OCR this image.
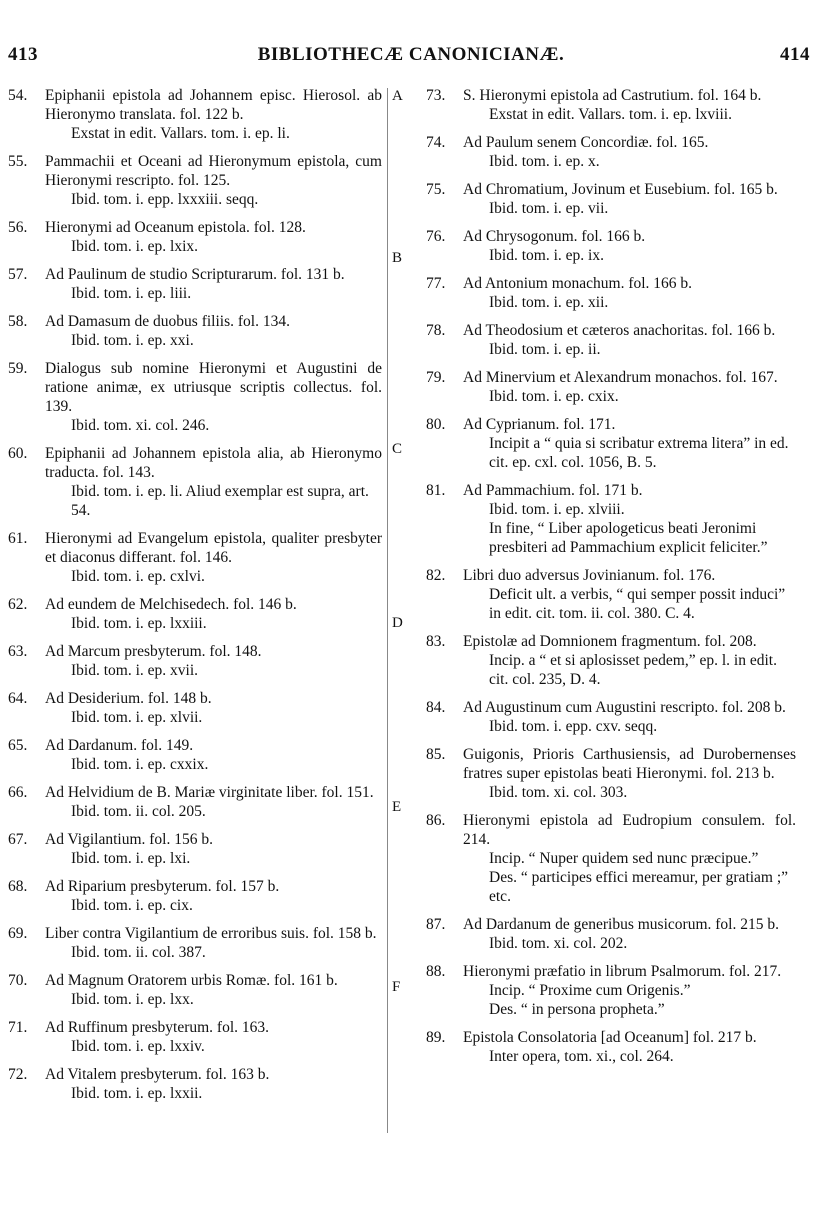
413	BIBLIOTHECÆ CANONICIANÆ.	414
A
B
C
D
E
F
54. Epiphanii epistola ad Johannem episc. Hierosol. ab Hieronymo translata. fol. 122 b.
Exstat in edit. Vallars. tom. i. ep. li.
55. Pammachii et Oceani ad Hieronymum epistola, cum Hieronymi rescripto. fol. 125.
Ibid. tom. i. epp. lxxxiii. seqq.
56. Hieronymi ad Oceanum epistola. fol. 128.
Ibid. tom. i. ep. lxix.
57. Ad Paulinum de studio Scripturarum. fol. 131 b.
Ibid. tom. i. ep. liii.
58. Ad Damasum de duobus filiis. fol. 134.
Ibid. tom. i. ep. xxi.
59. Dialogus sub nomine Hieronymi et Augustini de ratione animæ, ex utriusque scriptis collectus. fol. 139.
Ibid. tom. xi. col. 246.
60. Epiphanii ad Johannem epistola alia, ab Hieronymo traducta. fol. 143.
Ibid. tom. i. ep. li. Aliud exemplar est supra, art. 54.
61. Hieronymi ad Evangelum epistola, qualiter presbyter et diaconus differant. fol. 146.
Ibid. tom. i. ep. cxlvi.
62. Ad eundem de Melchisedech. fol. 146 b.
Ibid. tom. i. ep. lxxiii.
63. Ad Marcum presbyterum. fol. 148.
Ibid. tom. i. ep. xvii.
64. Ad Desiderium. fol. 148 b.
Ibid. tom. i. ep. xlvii.
65. Ad Dardanum. fol. 149.
Ibid. tom. i. ep. cxxix.
66. Ad Helvidium de B. Mariæ virginitate liber. fol. 151.
Ibid. tom. ii. col. 205.
67. Ad Vigilantium. fol. 156 b.
Ibid. tom. i. ep. lxi.
68. Ad Riparium presbyterum. fol. 157 b.
Ibid. tom. i. ep. cix.
69. Liber contra Vigilantium de erroribus suis. fol. 158 b.
Ibid. tom. ii. col. 387.
70. Ad Magnum Oratorem urbis Romæ. fol. 161 b.
Ibid. tom. i. ep. lxx.
71. Ad Ruffinum presbyterum. fol. 163.
Ibid. tom. i. ep. lxxiv.
72. Ad Vitalem presbyterum. fol. 163 b.
Ibid. tom. i. ep. lxxii.
73. S. Hieronymi epistola ad Castrutium. fol. 164 b.
Exstat in edit. Vallars. tom. i. ep. lxviii.
74. Ad Paulum senem Concordiæ. fol. 165.
Ibid. tom. i. ep. x.
75. Ad Chromatium, Jovinum et Eusebium. fol. 165 b.
Ibid. tom. i. ep. vii.
76. Ad Chrysogonum. fol. 166 b.
Ibid. tom. i. ep. ix.
77. Ad Antonium monachum. fol. 166 b.
Ibid. tom. i. ep. xii.
78. Ad Theodosium et cæteros anachoritas. fol. 166 b.
Ibid. tom. i. ep. ii.
79. Ad Minervium et Alexandrum monachos. fol. 167.
Ibid. tom. i. ep. cxix.
80. Ad Cyprianum. fol. 171.
Incipit a “ quia si scribatur extrema litera” in ed. cit. ep. cxl. col. 1056, B. 5.
81. Ad Pammachium. fol. 171 b.
Ibid. tom. i. ep. xlviii.
In fine, “ Liber apologeticus beati Jeronimi presbiteri ad Pammachium explicit feliciter.”
82. Libri duo adversus Jovinianum. fol. 176.
Deficit ult. a verbis, “ qui semper possit induci” in edit. cit. tom. ii. col. 380. C. 4.
83. Epistolæ ad Domnionem fragmentum. fol. 208.
Incip. a “ et si aplosisset pedem,” ep. l. in edit. cit. col. 235, D. 4.
84. Ad Augustinum cum Augustini rescripto. fol. 208 b.
Ibid. tom. i. epp. cxv. seqq.
85. Guigonis, Prioris Carthusiensis, ad Durobernenses fratres super epistolas beati Hieronymi. fol. 213 b.
Ibid. tom. xi. col. 303.
86. Hieronymi epistola ad Eudropium consulem. fol. 214.
Incip. “ Nuper quidem sed nunc præcipue.”
Des. “ participes effici mereamur, per gratiam ;” etc.
87. Ad Dardanum de generibus musicorum. fol. 215 b.
Ibid. tom. xi. col. 202.
88. Hieronymi præfatio in librum Psalmorum. fol. 217.
Incip. “ Proxime cum Origenis.”
Des. “ in persona propheta.”
89. Epistola Consolatoria [ad Oceanum] fol. 217 b.
Inter opera, tom. xi., col. 264.
